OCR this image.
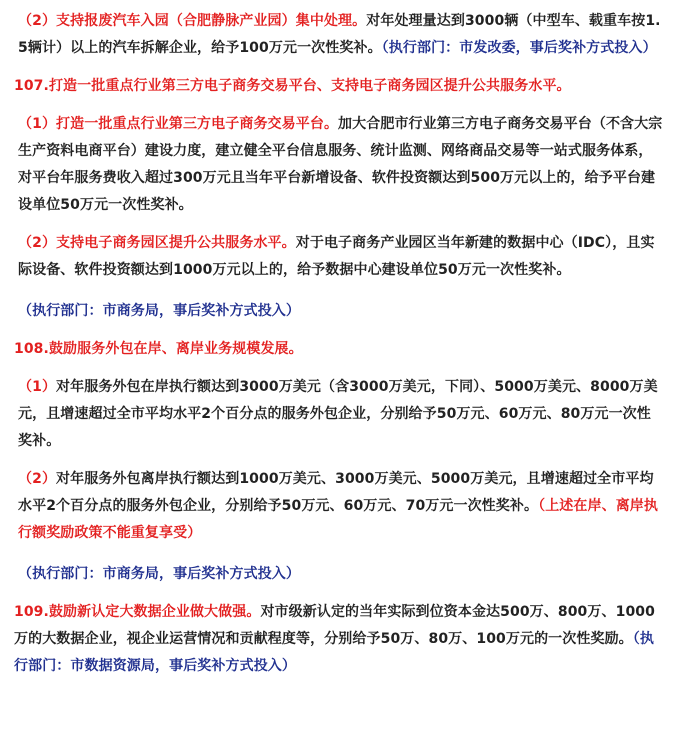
（2）支持报废汽车入园（合肥静脉产业园）集中处理。对年处理量达到3000辆（中型车、载重车按1.5辆计）以上的汽车拆解企业，给予100万元一次性奖补。（执行部门：市发改委，事后奖补方式投入）

107.打造一批重点行业第三方电子商务交易平台、支持电子商务园区提升公共服务水平。

（1）打造一批重点行业第三方电子商务交易平台。加大合肥市行业第三方电子商务交易平台（不含大宗生产资料电商平台）建设力度，建立健全平台信息服务、统计监测、网络商品交易等一站式服务体系，对平台年服务费收入超过300万元且当年平台新增设备、软件投资额达到500万元以上的，给予平台建设单位50万元一次性奖补。

（2）支持电子商务园区提升公共服务水平。对于电子商务产业园区当年新建的数据中心（IDC），且实际设备、软件投资额达到1000万元以上的，给予数据中心建设单位50万元一次性奖补。

（执行部门：市商务局，事后奖补方式投入）

108.鼓励服务外包在岸、离岸业务规模发展。

（1）对年服务外包在岸执行额达到3000万美元（含3000万美元，下同）、5000万美元、8000万美元，且增速超过全市平均水平2个百分点的服务外包企业，分别给予50万元、60万元、80万元一次性奖补。

（2）对年服务外包离岸执行额达到1000万美元、3000万美元、5000万美元，且增速超过全市平均水平2个百分点的服务外包企业，分别给予50万元、60万元、70万元一次性奖补。（上述在岸、离岸执行额奖励政策不能重复享受）

（执行部门：市商务局，事后奖补方式投入）

109.鼓励新认定大数据企业做大做强。对市级新认定的当年实际到位资本金达500万、800万、1000万的大数据企业，视企业运营情况和贡献程度等，分别给予50万、80万、100万元的一次性奖励。（执行部门：市数据资源局，事后奖补方式投入）
